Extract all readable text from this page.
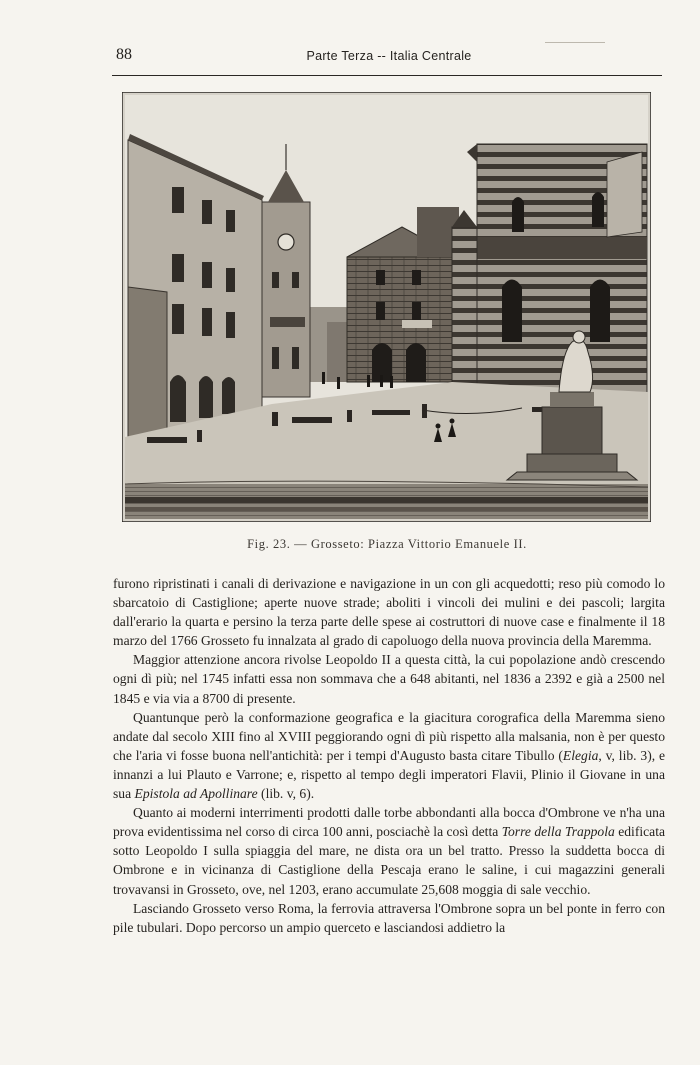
88	Parte Terza -- Italia Centrale
Fig. 23. — Grosseto: Piazza Vittorio Emanuele II.

furono ripristinati i canali di derivazione e navigazione in un con gli acquedotti; reso più comodo lo sbarcatoio di Castiglione; aperte nuove strade; aboliti i vincoli dei mulini e dei pascoli; largita dall'erario la quarta e persino la terza parte delle spese ai costruttori di nuove case e finalmente il 18 marzo del 1766 Grosseto fu innalzata al grado di capoluogo della nuova provincia della Maremma.

Maggior attenzione ancora rivolse Leopoldo II a questa città, la cui popolazione andò crescendo ogni dì più; nel 1745 infatti essa non sommava che a 648 abitanti, nel 1836 a 2392 e già a 2500 nel 1845 e via via a 8700 di presente.

Quantunque però la conformazione geografica e la giacitura corografica della Maremma sieno andate dal secolo XIII fino al XVIII peggiorando ogni dì più rispetto alla malsania, non è per questo che l'aria vi fosse buona nell'antichità: per i tempi d'Augusto basta citare Tibullo (Elegia, v, lib. 3), e innanzi a lui Plauto e Varrone; e, rispetto al tempo degli imperatori Flavii, Plinio il Giovane in una sua Epistola ad Apollinare (lib. v, 6).

Quanto ai moderni interrimenti prodotti dalle torbe abbondanti alla bocca d'Ombrone ve n'ha una prova evidentissima nel corso di circa 100 anni, posciachè la così detta Torre della Trappola edificata sotto Leopoldo I sulla spiaggia del mare, ne dista ora un bel tratto. Presso la suddetta bocca di Ombrone e in vicinanza di Castiglione della Pescaja erano le saline, i cui magazzini generali trovavansi in Grosseto, ove, nel 1203, erano accumulate 25,608 moggia di sale vecchio.

Lasciando Grosseto verso Roma, la ferrovia attraversa l'Ombrone sopra un bel ponte in ferro con pile tubulari. Dopo percorso un ampio querceto e lasciandosi addietro la
